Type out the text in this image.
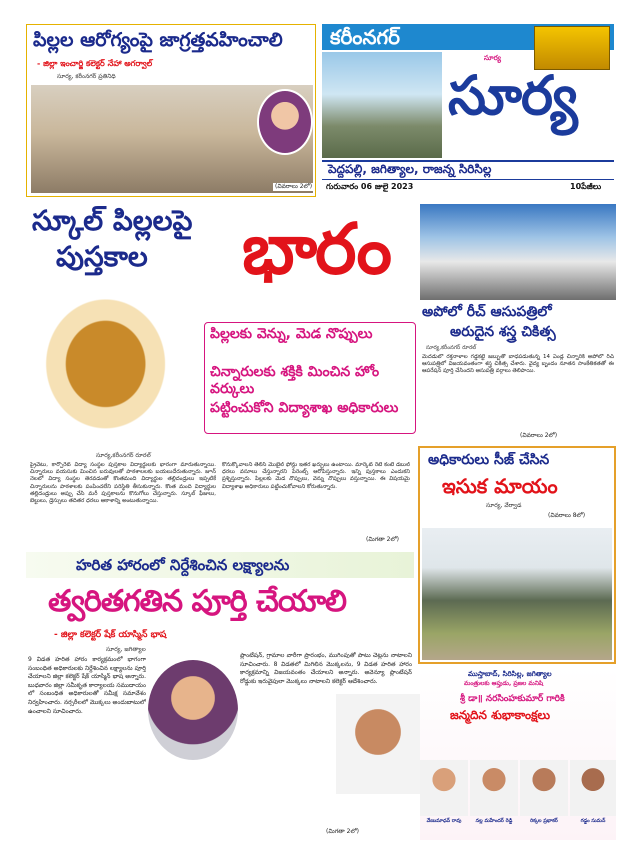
పిల్లల ఆరోగ్యంపై జాగ్రత్తవహించాలి
- జిల్లా ఇంచార్జి కలెక్టర్ నేహా అగర్వాల్
సూర్య, కరీంనగర్ ప్రతినిధి
(వివరాలు 2లో)
కరీంనగర్
సూర్య
సూర్య
పెద్దపల్లి, జగిత్యాల, రాజన్న సిరిసిల్ల
గురువారం 06 జులై 2023	10పేజీలు
స్కూల్ పిల్లలపై
పుస్తకాల భారం
పిల్లలకు వెన్ను, మెడ నొప్పులు
చిన్నారులకు శక్తికి మించిన హోం వర్కులు
పట్టించుకోని విద్యాశాఖ అధికారులు
సూర్య,కరీంనగర్ రూరల్
ప్రైవేటు, కార్పొరేట్ విద్యా సంస్థల పుస్తకాల విద్యార్థులకు భారంగా మారుతున్నాయి. చిన్నారులు వయసుకు మించిన బరువులతో పాఠశాలలకు బయలుదేరుతున్నారు. జూన్ నెలలో విద్యా సంస్థల తెరవడంతో కొంతమంది విద్యార్థుల తల్లిదండ్రులు ఇప్పటికే చిన్నారులను పాఠశాలకు పంపించలేని పరిస్థితి తీసుకున్నారు. కొంత మంది విద్యార్థుల తల్లిదండ్రులు అప్పు చేసి మరీ పుస్తకాలను కొనుగోలు చేస్తున్నారు. స్కూల్ ఫీజులు, బెల్టులు, డ్రెస్సులు తదితర ధరలు ఆకాశాన్ని అంటుతున్నాయి.
కొనుక్కోవాలని తెలిసి మొబైల్ ఫోన్లు ఇతర ఖర్చులు ఉంటాయి. మార్కెట్ రేటే కంటే డబుల్ ధరలు వసూలు చేస్తున్నారని పేరెంట్స్ ఆరోపిస్తున్నారు. ఇన్ని పుస్తకాలు ఎందుకని ప్రశ్నిస్తున్నారు. పిల్లలకు మెడ నొప్పులు, వెన్ను నొప్పులు వస్తున్నాయి. ఈ విషయమై విద్యాశాఖ అధికారులు పట్టించుకోవాలని కోరుతున్నారు.
(మిగతా 2లో)
అపోలో రీచ్ ఆసుపత్రిలో
అరుదైన శస్త్ర చికిత్స
సూర్య,కరీంనగర్ రూరల్
మెదడులో రక్తనాళాల గడ్డకట్టే జబ్బుతో బాధపడుతున్న 14 ఏండ్ల చిన్నారికి అపోలో రీచ్ ఆసుపత్రిలో విజయవంతంగా శస్త్ర చికిత్స చేశారు. వైద్య బృందం నూతన సాంకేతికతతో ఈ ఆపరేషన్ పూర్తి చేసిందని ఆసుపత్రి వర్గాలు తెలిపాయి.
(వివరాలు 2లో)
అధికారులు సీజ్ చేసిన
ఇసుక మాయం
సూర్య, వేర్వాడ
(వివరాలు 8లో)
హరిత హారంలో నిర్దేశించిన లక్ష్యాలను
త్వరితగతిన పూర్తి చేయాలి
- జిల్లా కలెక్టర్ షేక్ యాస్మిన్ భాష
సూర్య, జగిత్యాల
9 విడత హరిత హారం కార్యక్రమంలో భాగంగా సంబంధిత అధికారులకు నిర్దేశించిన లక్ష్యాలను పూర్తి చేయాలని జిల్లా కలెక్టర్ షేక్ యాస్మిన్ భాష అన్నారు. బుధవారం జిల్లా సమీకృత కార్యాలయ సముదాయం లో సంబంధిత అధికారులతో సమీక్ష సమావేశం నిర్వహించారు. నర్సరీలలో మొక్కలు అందుబాటులో ఉంచాలని సూచించారు.
ప్లాంటేషన్, గ్రామాల వారీగా ప్రారంభం, ముగింపుతో పాటు చెట్లను నాటాలని సూచించారు. 8 విడతలో మిగిలిన మొక్కలను, 9 విడత హరిత హారం కార్యక్రమాన్ని విజయవంతం చేయాలని అన్నారు. అవెన్యూ ప్లాంటేషన్ రోడ్డుకు ఇరువైపులా మొక్కలు నాటాలని కలెక్టర్ ఆదేశించారు.
(మిగతా 2లో)
ముస్తాబాద్, సిరిసిల్ల, జగిత్యాల
మంత్రులకు ఆప్తుడు, ప్రజల మనిషి
శ్రీ డా॥ నరసింహకుమార్ గారికి
జన్మదిన శుభాకాంక్షలు
వేణుమాధవ్ రావు	నల్ల మహేందర్ రెడ్డి	రిక్కల ప్రభాకర్	గడ్డం సుమన్
